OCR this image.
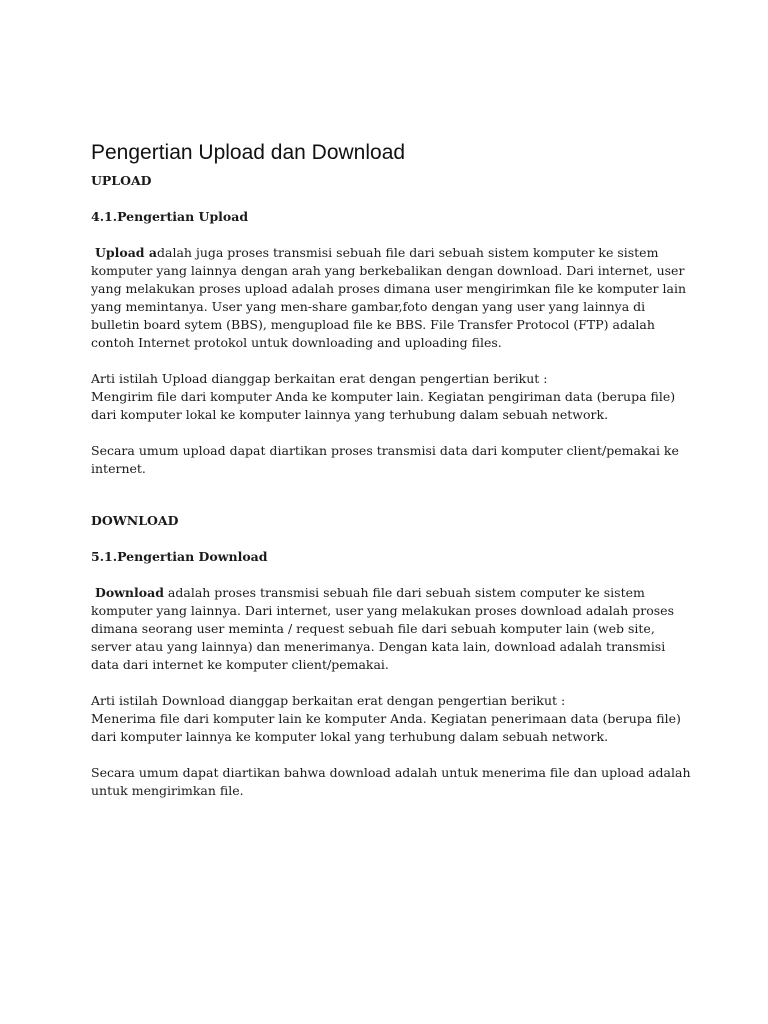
Pengertian Upload dan Download

UPLOAD

4.1.Pengertian Upload

Upload adalah juga proses transmisi sebuah file dari sebuah sistem komputer ke sistem komputer yang lainnya dengan arah yang berkebalikan dengan download. Dari internet, user yang melakukan proses upload adalah proses dimana user mengirimkan file ke komputer lain yang memintanya. User yang men-share gambar,foto dengan yang user yang lainnya di bulletin board sytem (BBS), mengupload file ke BBS. File Transfer Protocol (FTP) adalah contoh Internet protokol untuk downloading and uploading files.

Arti istilah Upload dianggap berkaitan erat dengan pengertian berikut :

Mengirim file dari komputer Anda ke komputer lain. Kegiatan pengiriman data (berupa file) dari komputer lokal ke komputer lainnya yang terhubung dalam sebuah network.

Secara umum upload dapat diartikan proses transmisi data dari komputer client/pemakai ke internet.

DOWNLOAD

5.1.Pengertian Download

Download adalah proses transmisi sebuah file dari sebuah sistem computer ke sistem komputer yang lainnya. Dari internet, user yang melakukan proses download adalah proses dimana seorang user meminta / request sebuah file dari sebuah komputer lain (web site, server atau yang lainnya) dan menerimanya. Dengan kata lain, download adalah transmisi data dari internet ke komputer client/pemakai.

Arti istilah Download dianggap berkaitan erat dengan pengertian berikut :

Menerima file dari komputer lain ke komputer Anda. Kegiatan penerimaan data (berupa file) dari komputer lainnya ke komputer lokal yang terhubung dalam sebuah network.

Secara umum dapat diartikan bahwa download adalah untuk menerima file dan upload adalah untuk mengirimkan file.
